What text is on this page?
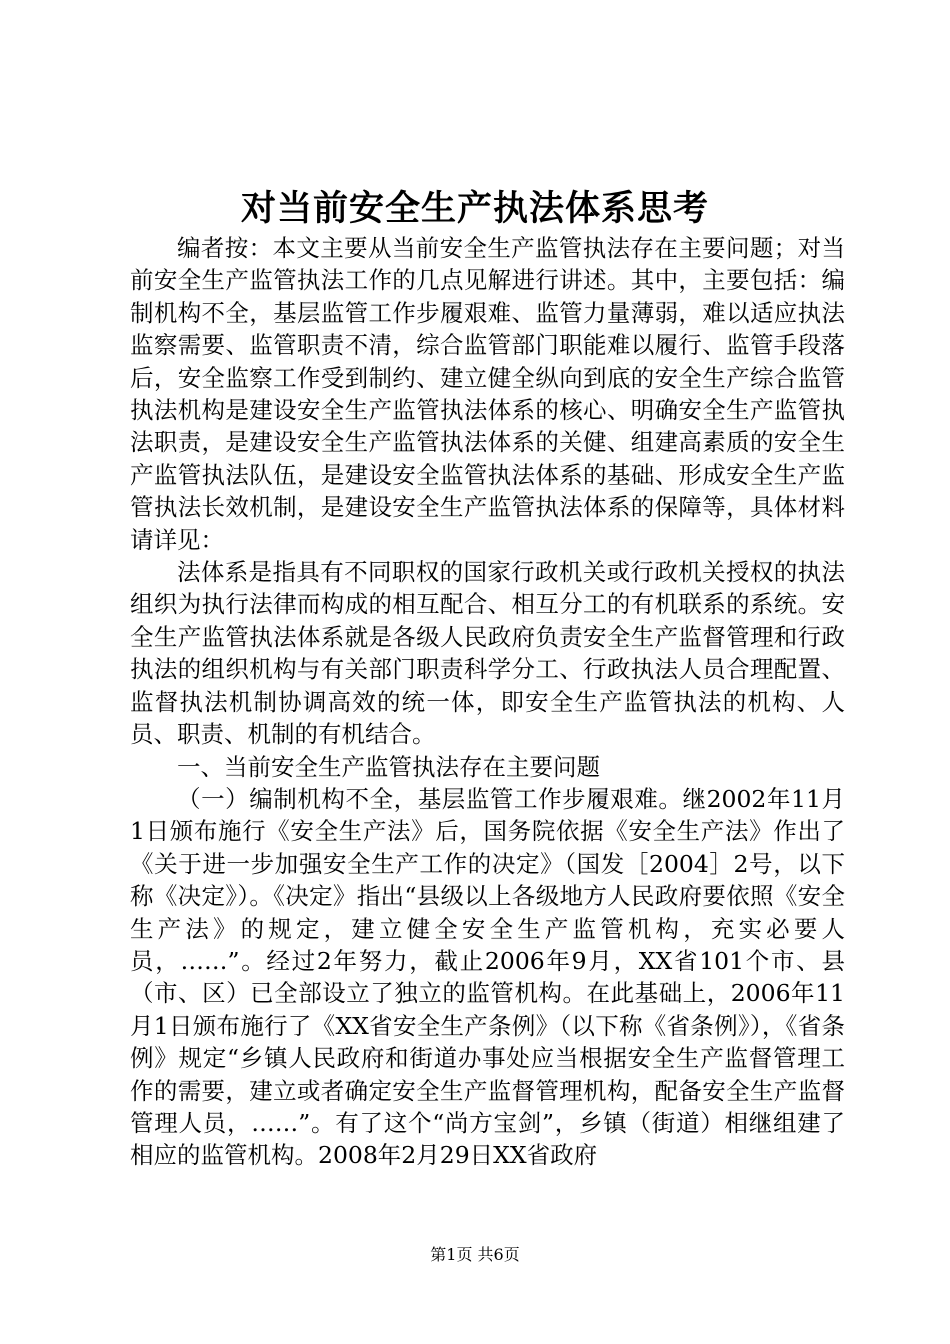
对当前安全生产执法体系思考

编者按：本文主要从当前安全生产监管执法存在主要问题；对当前安全生产监管执法工作的几点见解进行讲述。其中，主要包括：编制机构不全，基层监管工作步履艰难、监管力量薄弱，难以适应执法监察需要、监管职责不清，综合监管部门职能难以履行、监管手段落后，安全监察工作受到制约、建立健全纵向到底的安全生产综合监管执法机构是建设安全生产监管执法体系的核心、明确安全生产监管执法职责，是建设安全生产监管执法体系的关健、组建高素质的安全生产监管执法队伍，是建设安全监管执法体系的基础、形成安全生产监管执法长效机制，是建设安全生产监管执法体系的保障等，具体材料请详见：

法体系是指具有不同职权的国家行政机关或行政机关授权的执法组织为执行法律而构成的相互配合、相互分工的有机联系的系统。安全生产监管执法体系就是各级人民政府负责安全生产监督管理和行政执法的组织机构与有关部门职责科学分工、行政执法人员合理配置、监督执法机制协调高效的统一体，即安全生产监管执法的机构、人员、职责、机制的有机结合。

一、当前安全生产监管执法存在主要问题

（一）编制机构不全，基层监管工作步履艰难。继2002年11月1日颁布施行《安全生产法》后，国务院依据《安全生产法》作出了《关于进一步加强安全生产工作的决定》（国发［2004］2号，以下称《决定》）。《决定》指出“县级以上各级地方人民政府要依照《安全生产法》的规定，建立健全安全生产监管机构，充实必要人员，……”。经过2年努力，截止2006年9月，XX省101个市、县（市、区）已全部设立了独立的监管机构。在此基础上，2006年11月1日颁布施行了《XX省安全生产条例》（以下称《省条例》），《省条例》规定“乡镇人民政府和街道办事处应当根据安全生产监督管理工作的需要，建立或者确定安全生产监督管理机构，配备安全生产监督管理人员，……”。有了这个“尚方宝剑”，乡镇（街道）相继组建了相应的监管机构。2008年2月29日XX省政府

第1页 共6页
